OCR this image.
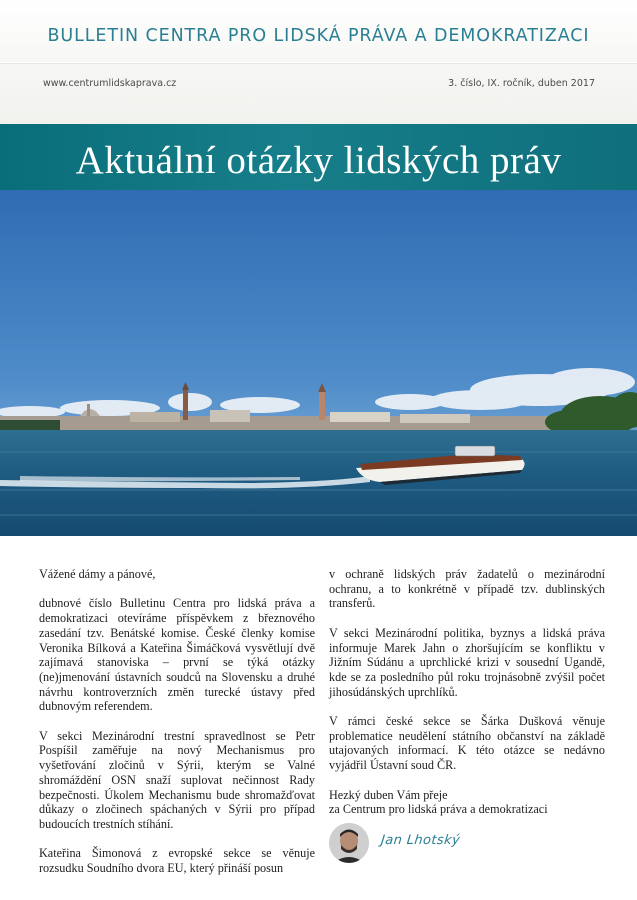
BULLETIN CENTRA PRO LIDSKÁ PRÁVA A DEMOKRATIZACI
www.centrumlidskaprava.cz	3. číslo, IX. ročník, duben 2017
Aktuální otázky lidských práv

Vážené dámy a pánové,

dubnové číslo Bulletinu Centra pro lidská práva a demokratizaci otevíráme příspěvkem z březnového zasedání tzv. Benátské komise. České členky komise Veronika Bílková a Kateřina Šimáčková vysvětlují dvě zajímavá stanoviska – první se týká otázky (ne)jmenování ústavních soudců na Slovensku a druhé návrhu kontroverzních změn turecké ústavy před dubnovým referendem.

V sekci Mezinárodní trestní spravedlnost se Petr Pospíšil zaměřuje na nový Mechanismus pro vyšetřování zločinů v Sýrii, kterým se Valné shromáždění OSN snaží suplovat nečinnost Rady bezpečnosti. Úkolem Mechanismu bude shromažďovat důkazy o zločinech spáchaných v Sýrii pro případ budoucích trestních stíhání.

Kateřina Šimonová z evropské sekce se věnuje rozsudku Soudního dvora EU, který přináší posun

v ochraně lidských práv žadatelů o mezinárodní ochranu, a to konkrétně v případě tzv. dublinských transferů.

V sekci Mezinárodní politika, byznys a lidská práva informuje Marek Jahn o zhoršujícím se konfliktu v Jižním Súdánu a uprchlické krizi v sousední Ugandě, kde se za posledního půl roku trojnásobně zvýšil počet jihosúdánských uprchlíků.

V rámci české sekce se Šárka Dušková věnuje problematice neudělení státního občanství na základě utajovaných informací. K této otázce se nedávno vyjádřil Ústavní soud ČR.

Hezký duben Vám přeje
za Centrum pro lidská práva a demokratizaci

Jan Lhotský
